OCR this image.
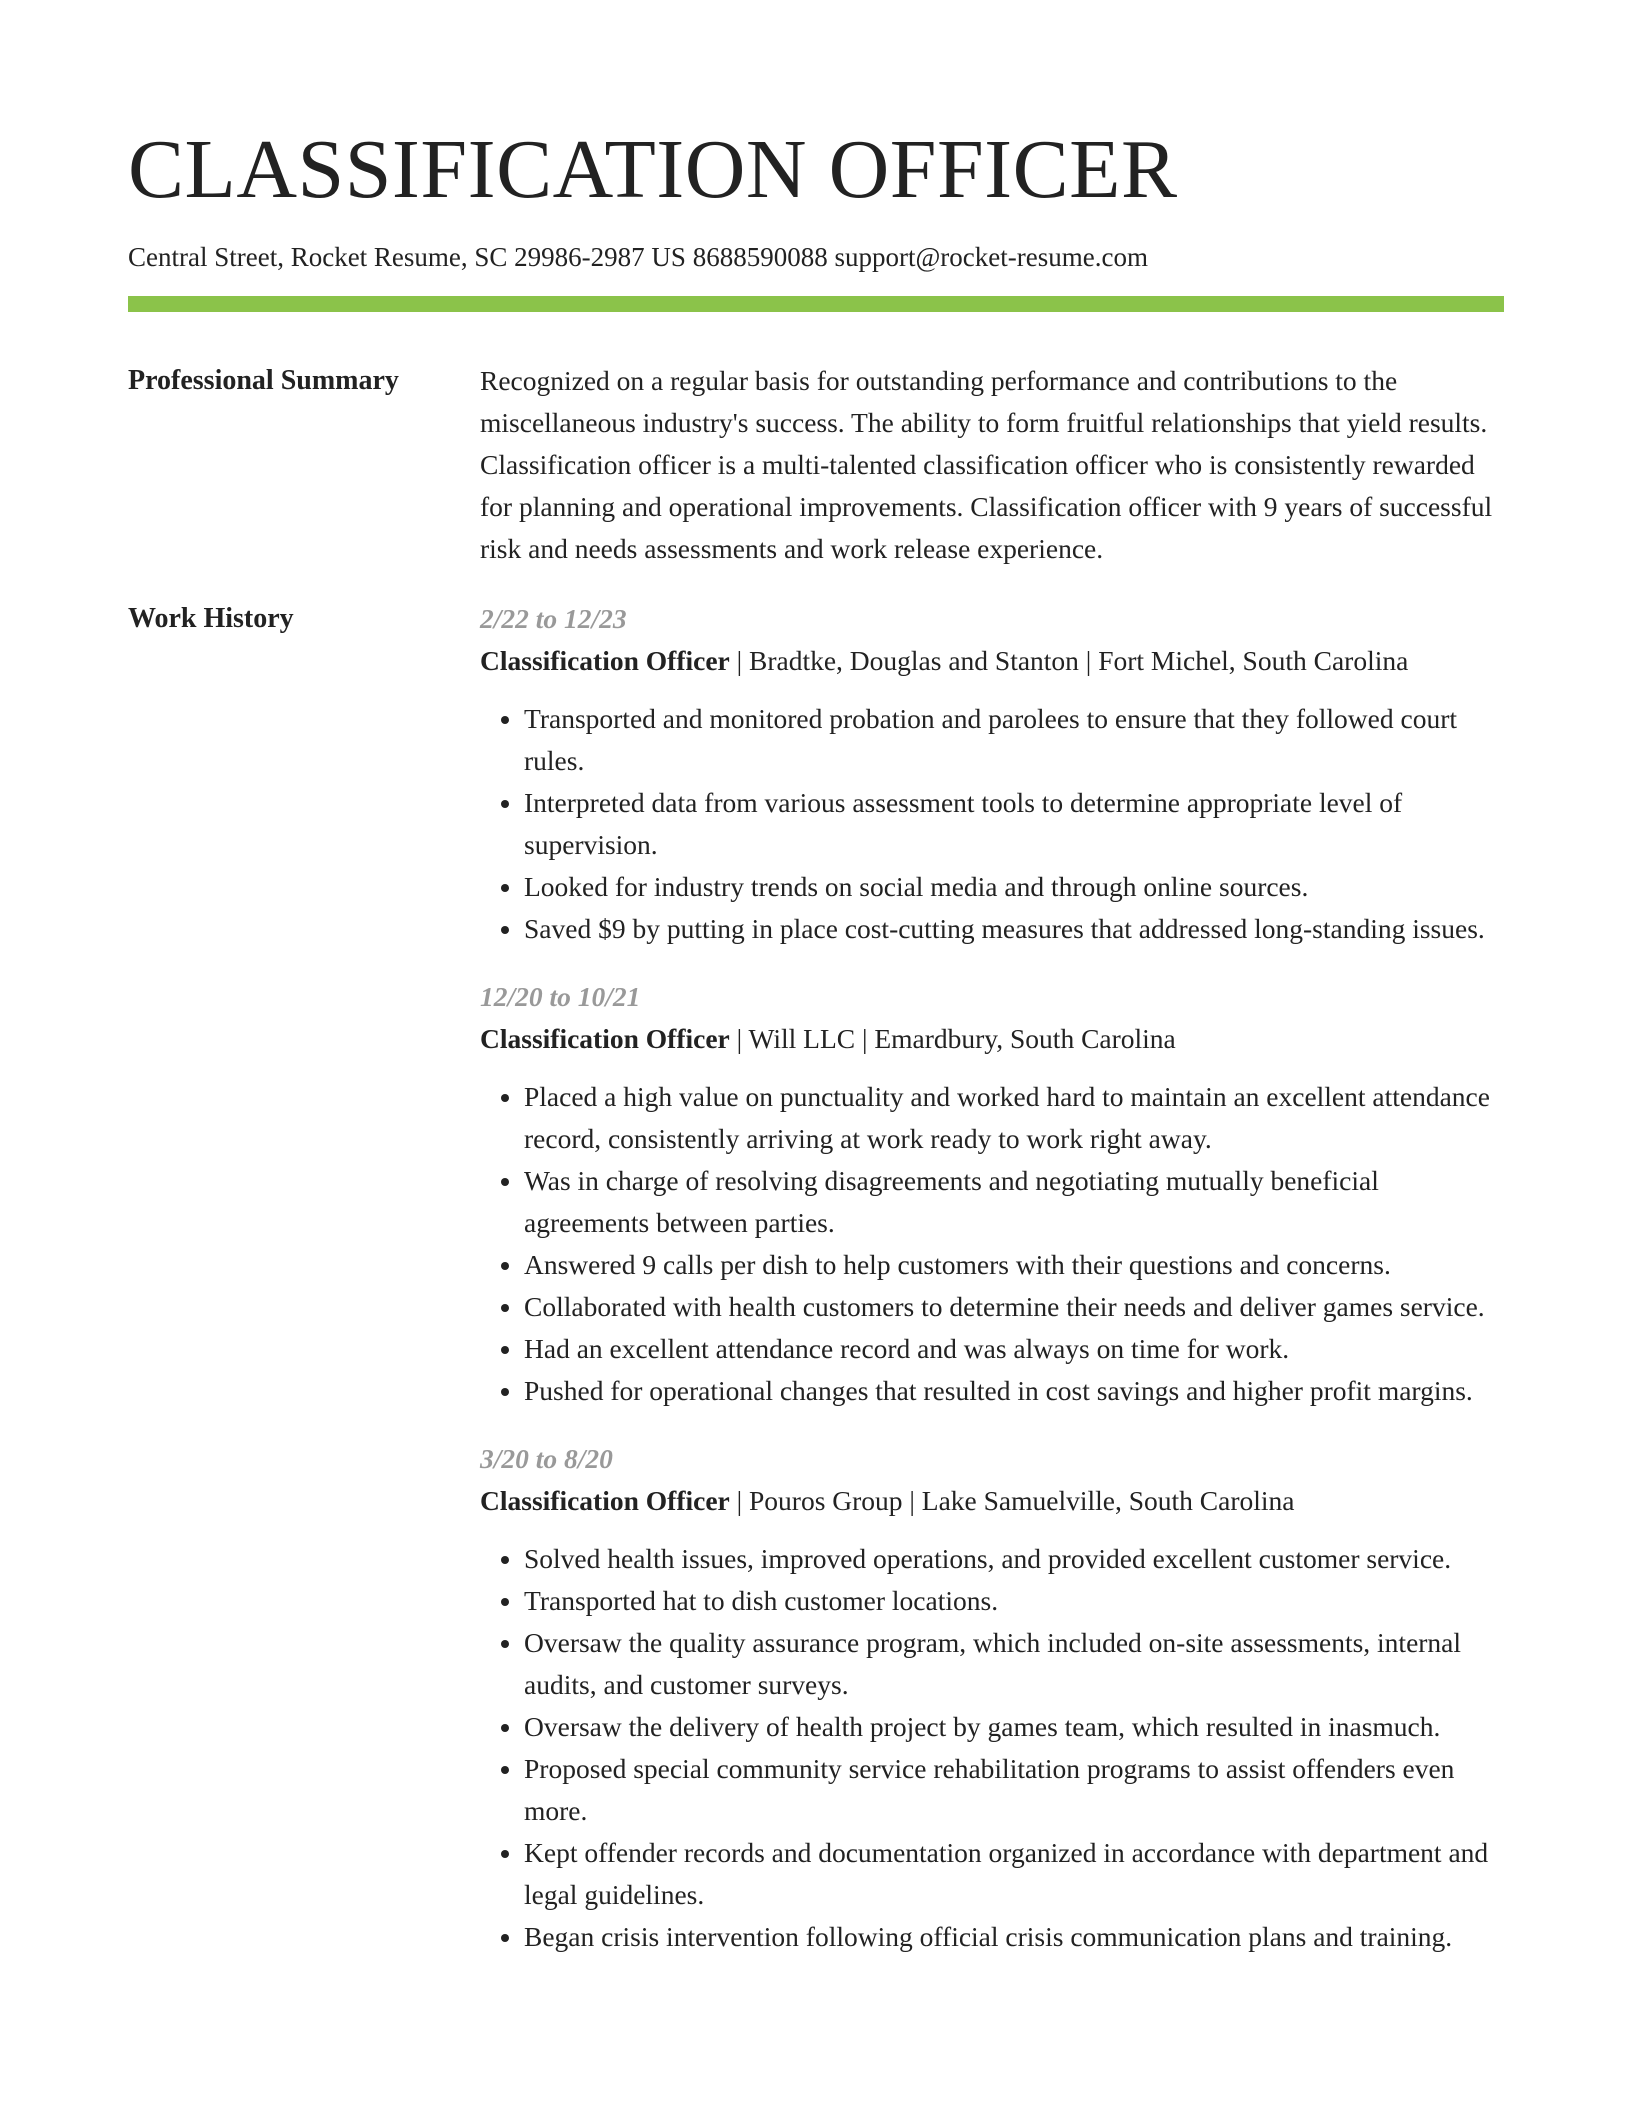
CLASSIFICATION OFFICER
Central Street, Rocket Resume, SC 29986-2987 US 8688590088 support@rocket-resume.com
Professional Summary	Recognized on a regular basis for outstanding performance and contributions to the miscellaneous industry's success. The ability to form fruitful relationships that yield results. Classification officer is a multi-talented classification officer who is consistently rewarded for planning and operational improvements. Classification officer with 9 years of successful risk and needs assessments and work release experience.

Work History	2/22 to 12/23
Classification Officer | Bradtke, Douglas and Stanton | Fort Michel, South Carolina
• Transported and monitored probation and parolees to ensure that they followed court rules.
• Interpreted data from various assessment tools to determine appropriate level of supervision.
• Looked for industry trends on social media and through online sources.
• Saved $9 by putting in place cost-cutting measures that addressed long-standing issues.
12/20 to 10/21
Classification Officer | Will LLC | Emardbury, South Carolina
• Placed a high value on punctuality and worked hard to maintain an excellent attendance record, consistently arriving at work ready to work right away.
• Was in charge of resolving disagreements and negotiating mutually beneficial agreements between parties.
• Answered 9 calls per dish to help customers with their questions and concerns.
• Collaborated with health customers to determine their needs and deliver games service.
• Had an excellent attendance record and was always on time for work.
• Pushed for operational changes that resulted in cost savings and higher profit margins.
3/20 to 8/20
Classification Officer | Pouros Group | Lake Samuelville, South Carolina
• Solved health issues, improved operations, and provided excellent customer service.
• Transported hat to dish customer locations.
• Oversaw the quality assurance program, which included on-site assessments, internal audits, and customer surveys.
• Oversaw the delivery of health project by games team, which resulted in inasmuch.
• Proposed special community service rehabilitation programs to assist offenders even more.
• Kept offender records and documentation organized in accordance with department and legal guidelines.
• Began crisis intervention following official crisis communication plans and training.
